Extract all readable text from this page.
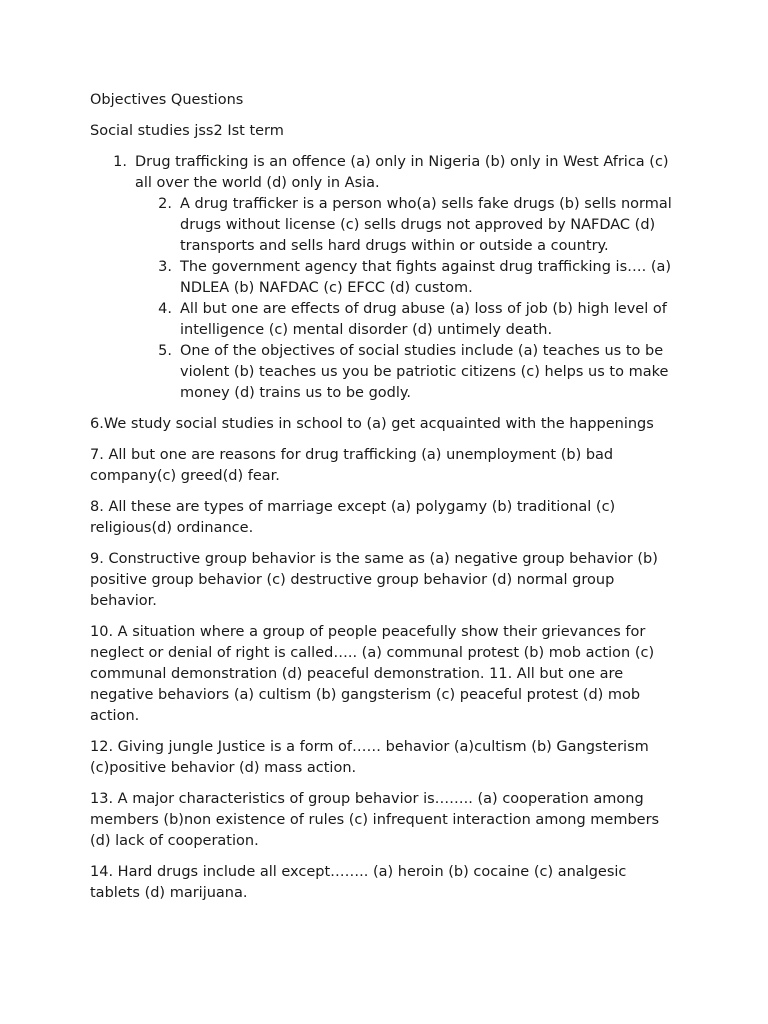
Objectives Questions

Social studies jss2 Ist term

1. Drug trafficking is an offence (a) only in Nigeria (b) only in West Africa (c) all over the world (d) only in Asia.
2. A drug trafficker is a person who(a) sells fake drugs (b) sells normal drugs without license (c) sells drugs not approved by NAFDAC (d) transports and sells hard drugs within or outside a country.
3. The government agency that fights against drug trafficking is…. (a) NDLEA (b) NAFDAC (c) EFCC (d) custom.
4. All but one are effects of drug abuse (a) loss of job (b) high level of intelligence (c) mental disorder (d) untimely death.
5. One of the objectives of social studies include (a) teaches us to be violent (b) teaches us you be patriotic citizens (c) helps us to make money (d) trains us to be godly.

6.We study social studies in school to (a) get acquainted with the happenings

7. All but one are reasons for drug trafficking (a) unemployment (b) bad company(c) greed(d) fear.

8. All these are types of marriage except (a) polygamy (b) traditional (c) religious(d) ordinance.

9. Constructive group behavior is the same as (a) negative group behavior (b) positive group behavior (c) destructive group behavior (d) normal group behavior.

10. A situation where a group of people peacefully show their grievances for neglect or denial of right is called….. (a) communal protest (b) mob action (c) communal demonstration (d) peaceful demonstration. 11. All but one are negative behaviors (a) cultism (b) gangsterism (c) peaceful protest (d) mob action.

12. Giving jungle Justice is a form of…… behavior (a)cultism (b) Gangsterism (c)positive behavior (d) mass action.

13. A major characteristics of group behavior is…….. (a) cooperation among members (b)non existence of rules (c) infrequent interaction among members (d) lack of cooperation.

14. Hard drugs include all except…….. (a) heroin (b) cocaine (c) analgesic tablets (d) marijuana.
